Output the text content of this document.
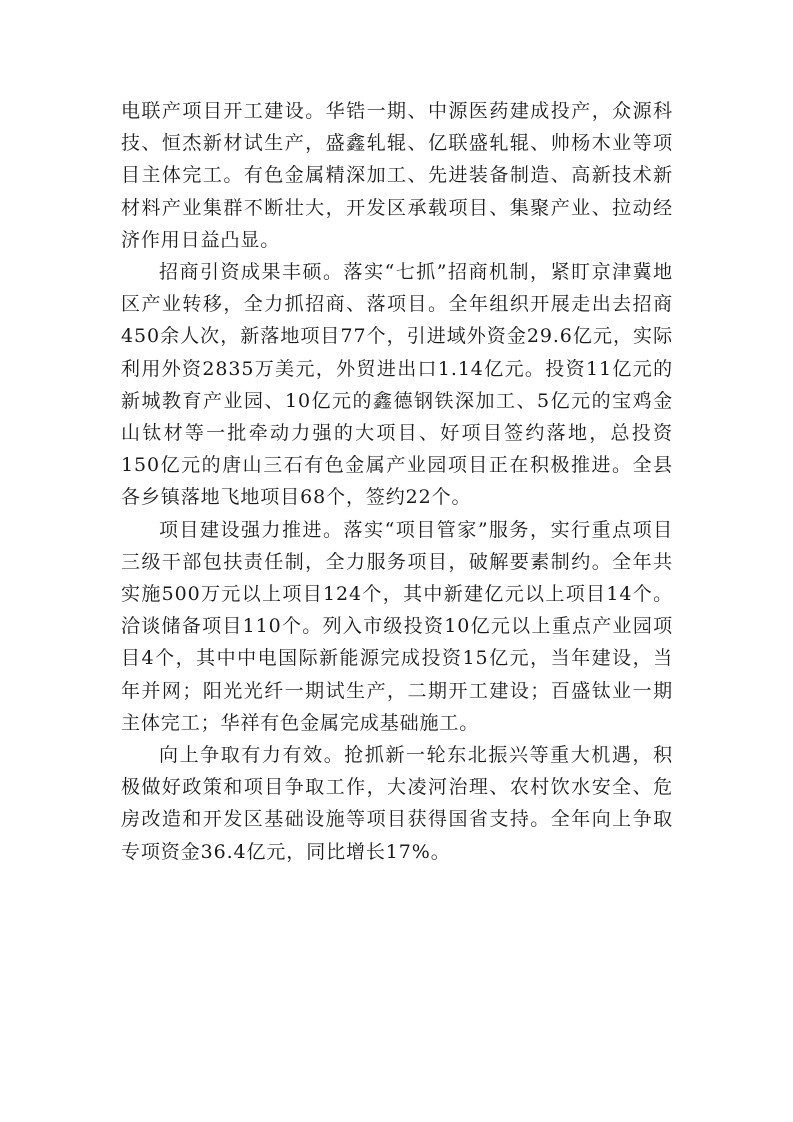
电联产项目开工建设。华锆一期、中源医药建成投产，众源科技、恒杰新材试生产，盛鑫轧辊、亿联盛轧辊、帅杨木业等项目主体完工。有色金属精深加工、先进装备制造、高新技术新材料产业集群不断壮大，开发区承载项目、集聚产业、拉动经济作用日益凸显。

招商引资成果丰硕。落实“七抓”招商机制，紧盯京津冀地区产业转移，全力抓招商、落项目。全年组织开展走出去招商450余人次，新落地项目77个，引进域外资金29.6亿元，实际利用外资2835万美元，外贸进出口1.14亿元。投资11亿元的新城教育产业园、10亿元的鑫德钢铁深加工、5亿元的宝鸡金山钛材等一批牵动力强的大项目、好项目签约落地，总投资150亿元的唐山三石有色金属产业园项目正在积极推进。全县各乡镇落地飞地项目68个，签约22个。

项目建设强力推进。落实“项目管家”服务，实行重点项目三级干部包扶责任制，全力服务项目，破解要素制约。全年共实施500万元以上项目124个，其中新建亿元以上项目14个。洽谈储备项目110个。列入市级投资10亿元以上重点产业园项目4个，其中中电国际新能源完成投资15亿元，当年建设，当年并网；阳光光纤一期试生产，二期开工建设；百盛钛业一期主体完工；华祥有色金属完成基础施工。

向上争取有力有效。抢抓新一轮东北振兴等重大机遇，积极做好政策和项目争取工作，大凌河治理、农村饮水安全、危房改造和开发区基础设施等项目获得国省支持。全年向上争取专项资金36.4亿元，同比增长17%。
